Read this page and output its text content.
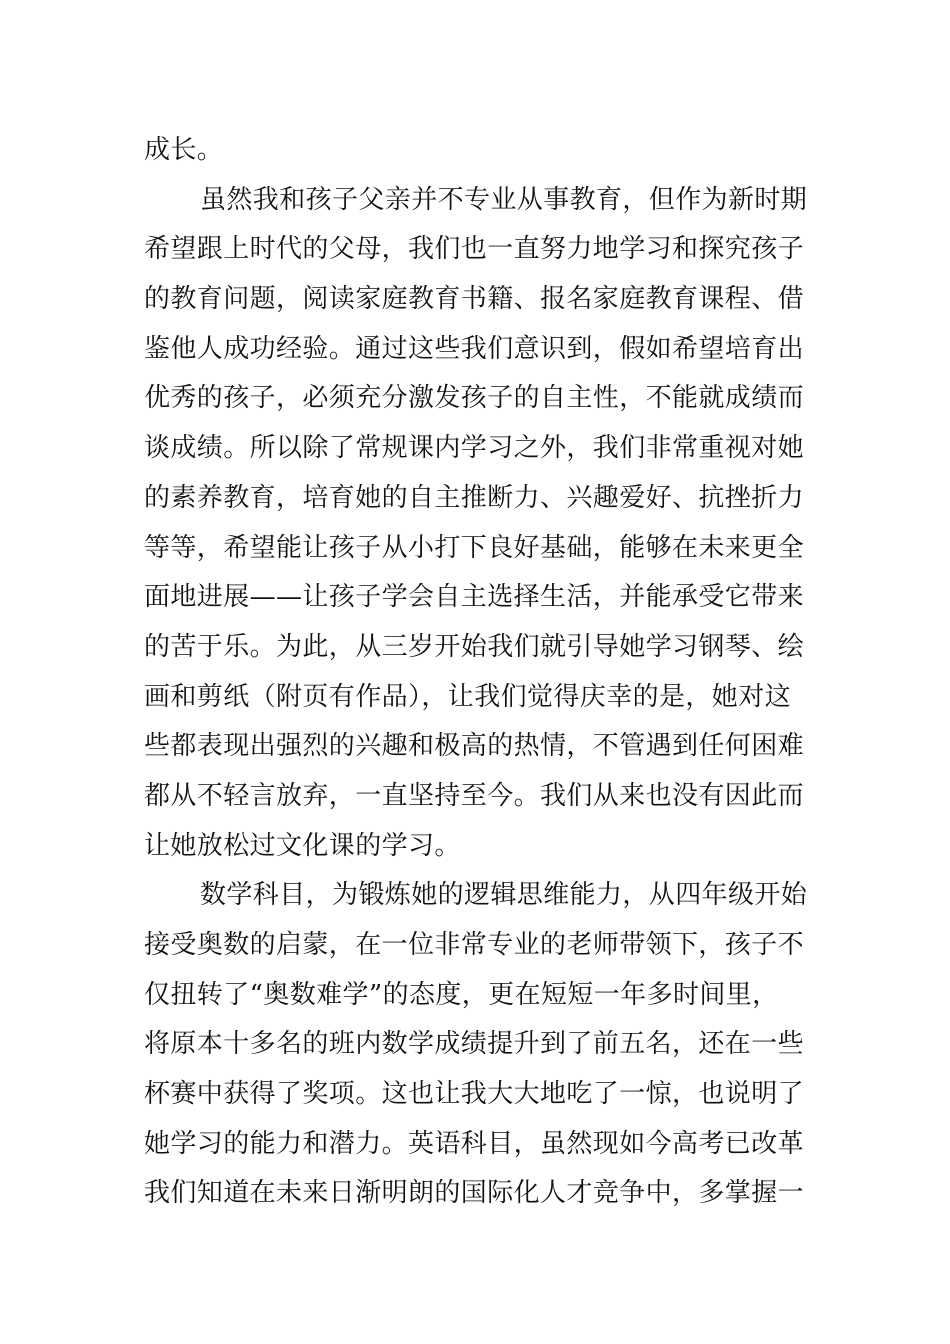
成长。
虽然我和孩子父亲并不专业从事教育，但作为新时期
希望跟上时代的父母，我们也一直努力地学习和探究孩子
的教育问题，阅读家庭教育书籍、报名家庭教育课程、借
鉴他人成功经验。通过这些我们意识到，假如希望培育出
优秀的孩子，必须充分激发孩子的自主性，不能就成绩而
谈成绩。所以除了常规课内学习之外，我们非常重视对她
的素养教育，培育她的自主推断力、兴趣爱好、抗挫折力
等等，希望能让孩子从小打下良好基础，能够在未来更全
面地进展——让孩子学会自主选择生活，并能承受它带来
的苦于乐。为此，从三岁开始我们就引导她学习钢琴、绘
画和剪纸（附页有作品），让我们觉得庆幸的是，她对这
些都表现出强烈的兴趣和极高的热情，不管遇到任何困难
都从不轻言放弃，一直坚持至今。我们从来也没有因此而
让她放松过文化课的学习。
数学科目，为锻炼她的逻辑思维能力，从四年级开始
接受奥数的启蒙，在一位非常专业的老师带领下，孩子不
仅扭转了“奥数难学”的态度，更在短短一年多时间里，
将原本十多名的班内数学成绩提升到了前五名，还在一些
杯赛中获得了奖项。这也让我大大地吃了一惊，也说明了
她学习的能力和潜力。英语科目，虽然现如今高考已改革
我们知道在未来日渐明朗的国际化人才竞争中，多掌握一
